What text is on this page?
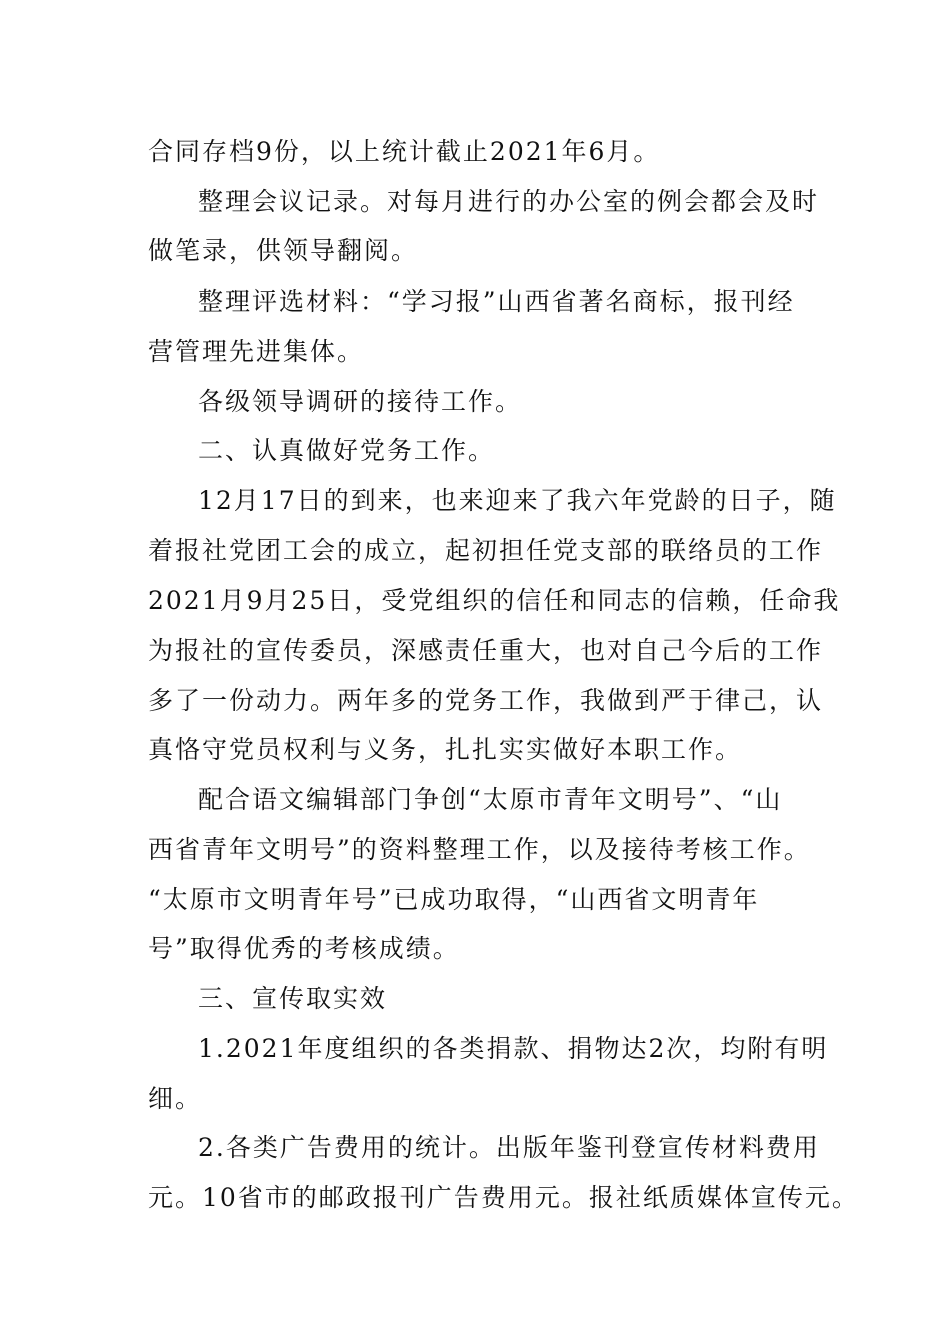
合同存档9份，以上统计截止2021年6月。
整理会议记录。对每月进行的办公室的例会都会及时
做笔录，供领导翻阅。
整理评选材料：“学习报”山西省著名商标，报刊经
营管理先进集体。
各级领导调研的接待工作。
二、认真做好党务工作。
12月17日的到来，也来迎来了我六年党龄的日子，随
着报社党团工会的成立，起初担任党支部的联络员的工作
2021月9月25日，受党组织的信任和同志的信赖，任命我
为报社的宣传委员，深感责任重大，也对自己今后的工作
多了一份动力。两年多的党务工作，我做到严于律己，认
真恪守党员权利与义务，扎扎实实做好本职工作。
配合语文编辑部门争创“太原市青年文明号”、“山
西省青年文明号”的资料整理工作，以及接待考核工作。
“太原市文明青年号”已成功取得，“山西省文明青年
号”取得优秀的考核成绩。
三、宣传取实效
1.2021年度组织的各类捐款、捐物达2次，均附有明
细。
2.各类广告费用的统计。出版年鉴刊登宣传材料费用
元。10省市的邮政报刊广告费用元。报社纸质媒体宣传元。
